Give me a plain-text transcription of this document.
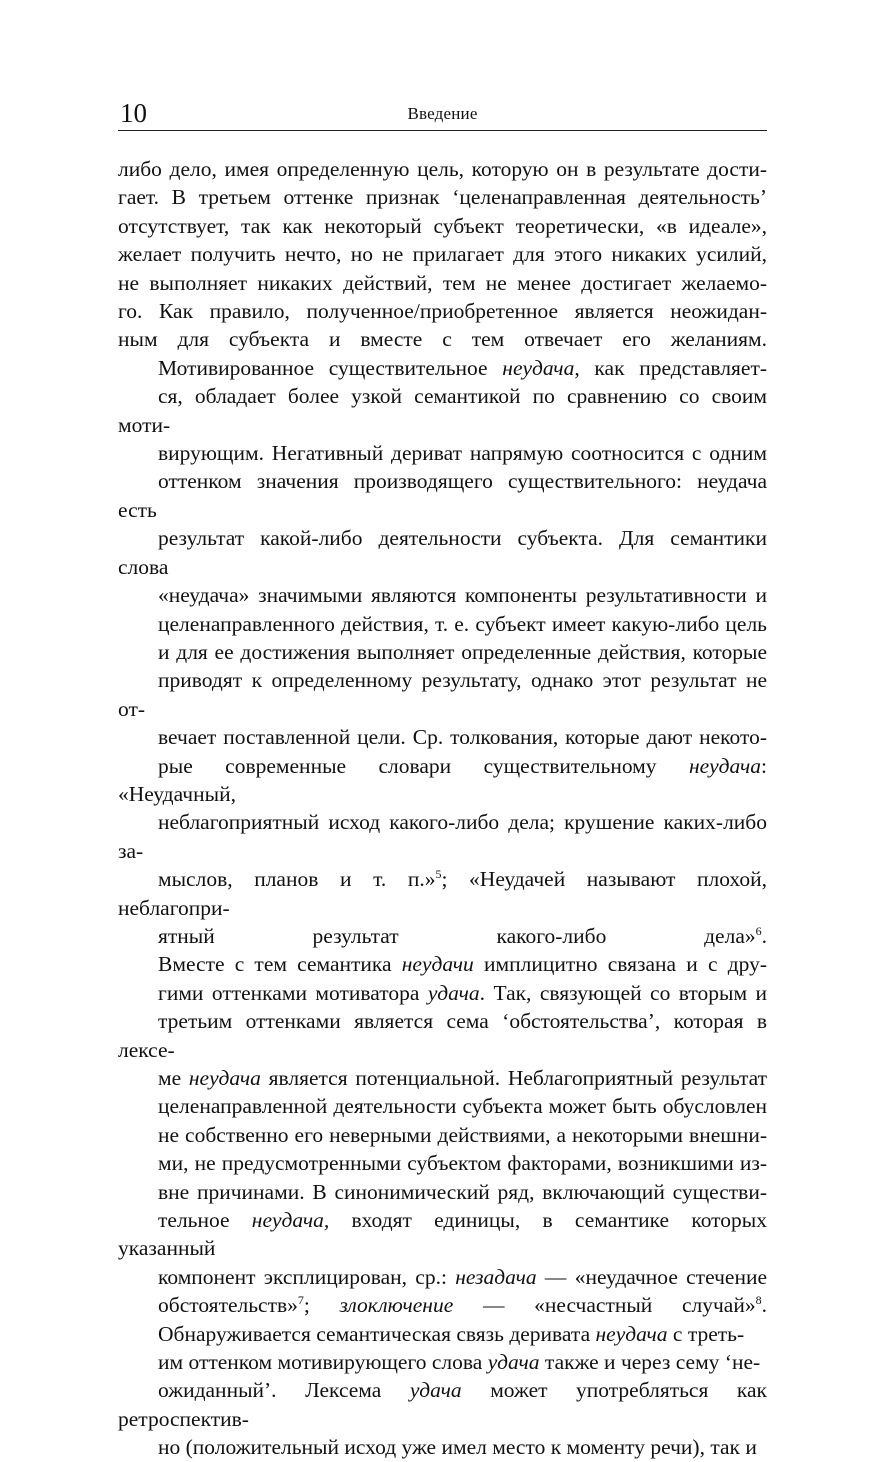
10	Введение

либо дело, имея определенную цель, которую он в результате дости-
гает. В третьем оттенке признак ‘целенаправленная деятельность’
отсутствует, так как некоторый субъект теоретически, «в идеале»,
желает получить нечто, но не прилагает для этого никаких усилий,
не выполняет никаких действий, тем не менее достигает желаемо-
го. Как правило, полученное/приобретенное является неожидан-
ным для субъекта и вместе с тем отвечает его желаниям.

Мотивированное существительное неудача, как представляет-
ся, обладает более узкой семантикой по сравнению со своим моти-
вирующим. Негативный дериват напрямую соотносится с одним
оттенком значения производящего существительного: неудача есть
результат какой-либо деятельности субъекта. Для семантики слова
«неудача» значимыми являются компоненты результативности и
целенаправленного действия, т. е. субъект имеет какую-либо цель
и для ее достижения выполняет определенные действия, которые
приводят к определенному результату, однако этот результат не от-
вечает поставленной цели. Ср. толкования, которые дают некото-
рые современные словари существительному неудача: «Неудачный,
неблагоприятный исход какого-либо дела; крушение каких-либо за-
мыслов, планов и т. п.»$^5$; «Неудачей называют плохой, неблагопри-
ятный результат какого-либо дела»$^6$.

Вместе с тем семантика неудачи имплицитно связана и с дру-
гими оттенками мотиватора удача. Так, связующей со вторым и
третьим оттенками является сема ‘обстоятельства’, которая в лексе-
ме неудача является потенциальной. Неблагоприятный результат
целенаправленной деятельности субъекта может быть обусловлен
не собственно его неверными действиями, а некоторыми внешни-
ми, не предусмотренными субъектом факторами, возникшими из-
вне причинами. В синонимический ряд, включающий существи-
тельное неудача, входят единицы, в семантике которых указанный
компонент эксплицирован, ср.: незадача — «неудачное стечение
обстоятельств»$^7$; злоключение — «несчастный случай»$^8$.

Обнаруживается семантическая связь деривата неудача с треть-
им оттенком мотивирующего слова удача также и через сему ‘не-
ожиданный’. Лексема удача может употребляться как ретроспектив-
но (положительный исход уже имел место к моменту речи), так и
